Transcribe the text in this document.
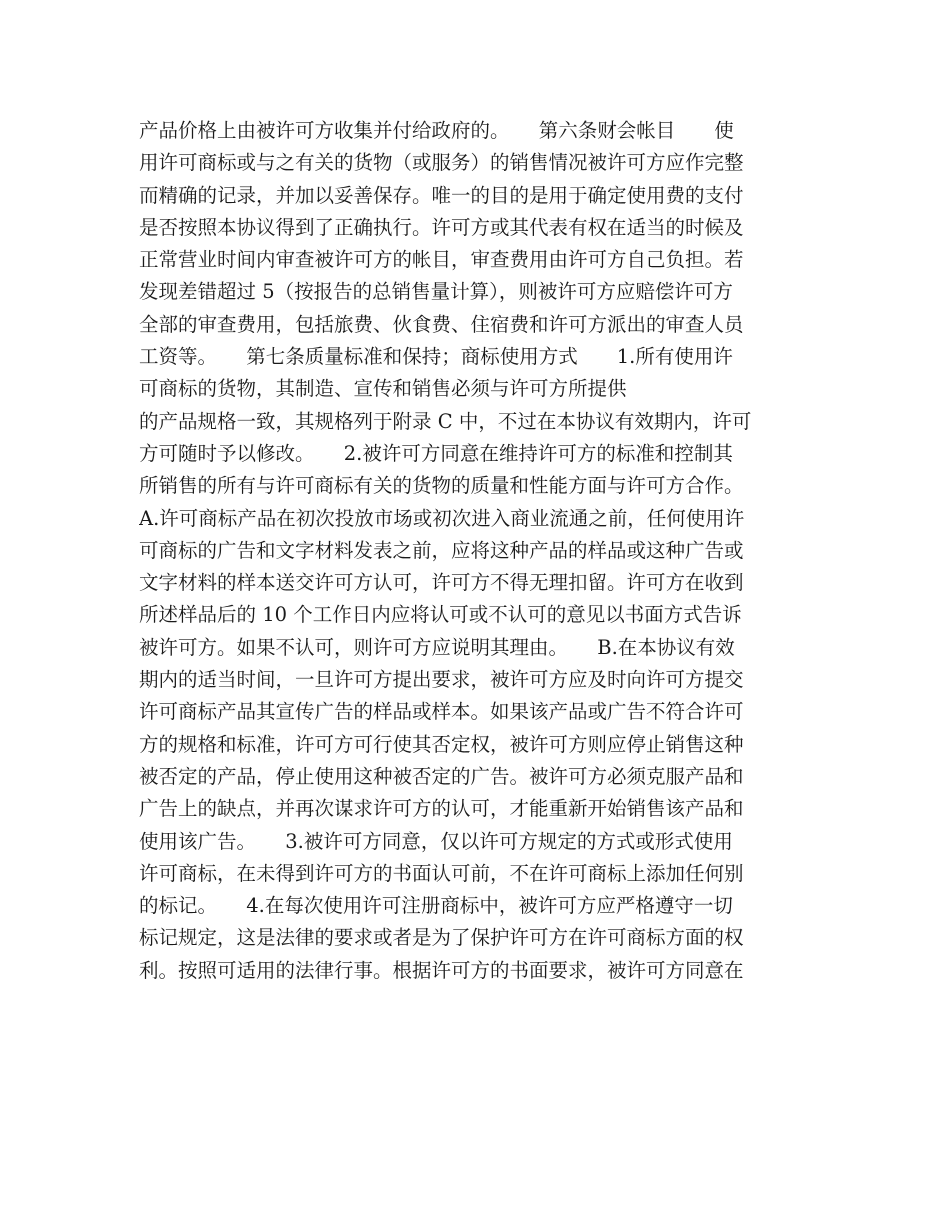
产品价格上由被许可方收集并付给政府的。　　第六条财会帐目　　使
用许可商标或与之有关的货物（或服务）的销售情况被许可方应作完整
而精确的记录，并加以妥善保存。唯一的目的是用于确定使用费的支付
是否按照本协议得到了正确执行。许可方或其代表有权在适当的时候及
正常营业时间内审查被许可方的帐目，审查费用由许可方自己负担。若
发现差错超过 5（按报告的总销售量计算），则被许可方应赔偿许可方
全部的审查费用，包括旅费、伙食费、住宿费和许可方派出的审查人员
工资等。　　第七条质量标准和保持；商标使用方式　　1.所有使用许
可商标的货物，其制造、宣传和销售必须与许可方所提供
的产品规格一致，其规格列于附录 C 中，不过在本协议有效期内，许可
方可随时予以修改。　　2.被许可方同意在维持许可方的标准和控制其
所销售的所有与许可商标有关的货物的质量和性能方面与许可方合作。
A.许可商标产品在初次投放市场或初次进入商业流通之前，任何使用许
可商标的广告和文字材料发表之前，应将这种产品的样品或这种广告或
文字材料的样本送交许可方认可，许可方不得无理扣留。许可方在收到
所述样品后的 10 个工作日内应将认可或不认可的意见以书面方式告诉
被许可方。如果不认可，则许可方应说明其理由。　　B.在本协议有效
期内的适当时间，一旦许可方提出要求，被许可方应及时向许可方提交
许可商标产品其宣传广告的样品或样本。如果该产品或广告不符合许可
方的规格和标准，许可方可行使其否定权，被许可方则应停止销售这种
被否定的产品，停止使用这种被否定的广告。被许可方必须克服产品和
广告上的缺点，并再次谋求许可方的认可，才能重新开始销售该产品和
使用该广告。　　3.被许可方同意，仅以许可方规定的方式或形式使用
许可商标，在未得到许可方的书面认可前，不在许可商标上添加任何别
的标记。　　4.在每次使用许可注册商标中，被许可方应严格遵守一切
标记规定，这是法律的要求或者是为了保护许可方在许可商标方面的权
利。按照可适用的法律行事。根据许可方的书面要求，被许可方同意在
